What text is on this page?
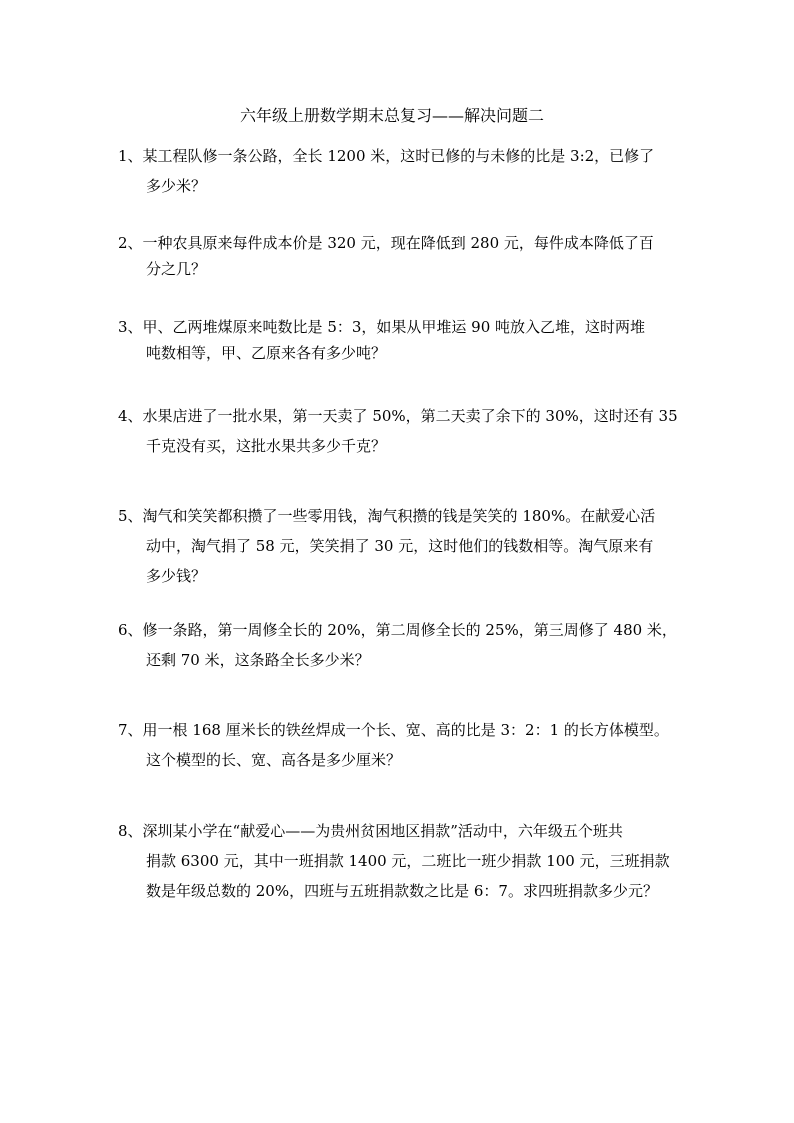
六年级上册数学期末总复习——解决问题二
1、某工程队修一条公路，全长 1200 米，这时已修的与未修的比是 3:2，已修了
多少米？
2、一种农具原来每件成本价是 320 元，现在降低到 280 元，每件成本降低了百
分之几？
3、甲、乙两堆煤原来吨数比是 5：3，如果从甲堆运 90 吨放入乙堆，这时两堆
吨数相等，甲、乙原来各有多少吨？
4、水果店进了一批水果，第一天卖了 50%，第二天卖了余下的 30%，这时还有 35
千克没有买，这批水果共多少千克？
5、淘气和笑笑都积攒了一些零用钱，淘气积攒的钱是笑笑的 180%。在献爱心活
动中，淘气捐了 58 元，笑笑捐了 30 元，这时他们的钱数相等。淘气原来有
多少钱？
6、修一条路，第一周修全长的 20%，第二周修全长的 25%，第三周修了 480 米，
还剩 70 米，这条路全长多少米？
7、用一根 168 厘米长的铁丝焊成一个长、宽、高的比是 3：2：1 的长方体模型。
这个模型的长、宽、高各是多少厘米？
8、深圳某小学在“献爱心——为贵州贫困地区捐款”活动中，六年级五个班共
捐款 6300 元，其中一班捐款 1400 元，二班比一班少捐款 100 元，三班捐款
数是年级总数的 20%，四班与五班捐款数之比是 6：7。求四班捐款多少元？
